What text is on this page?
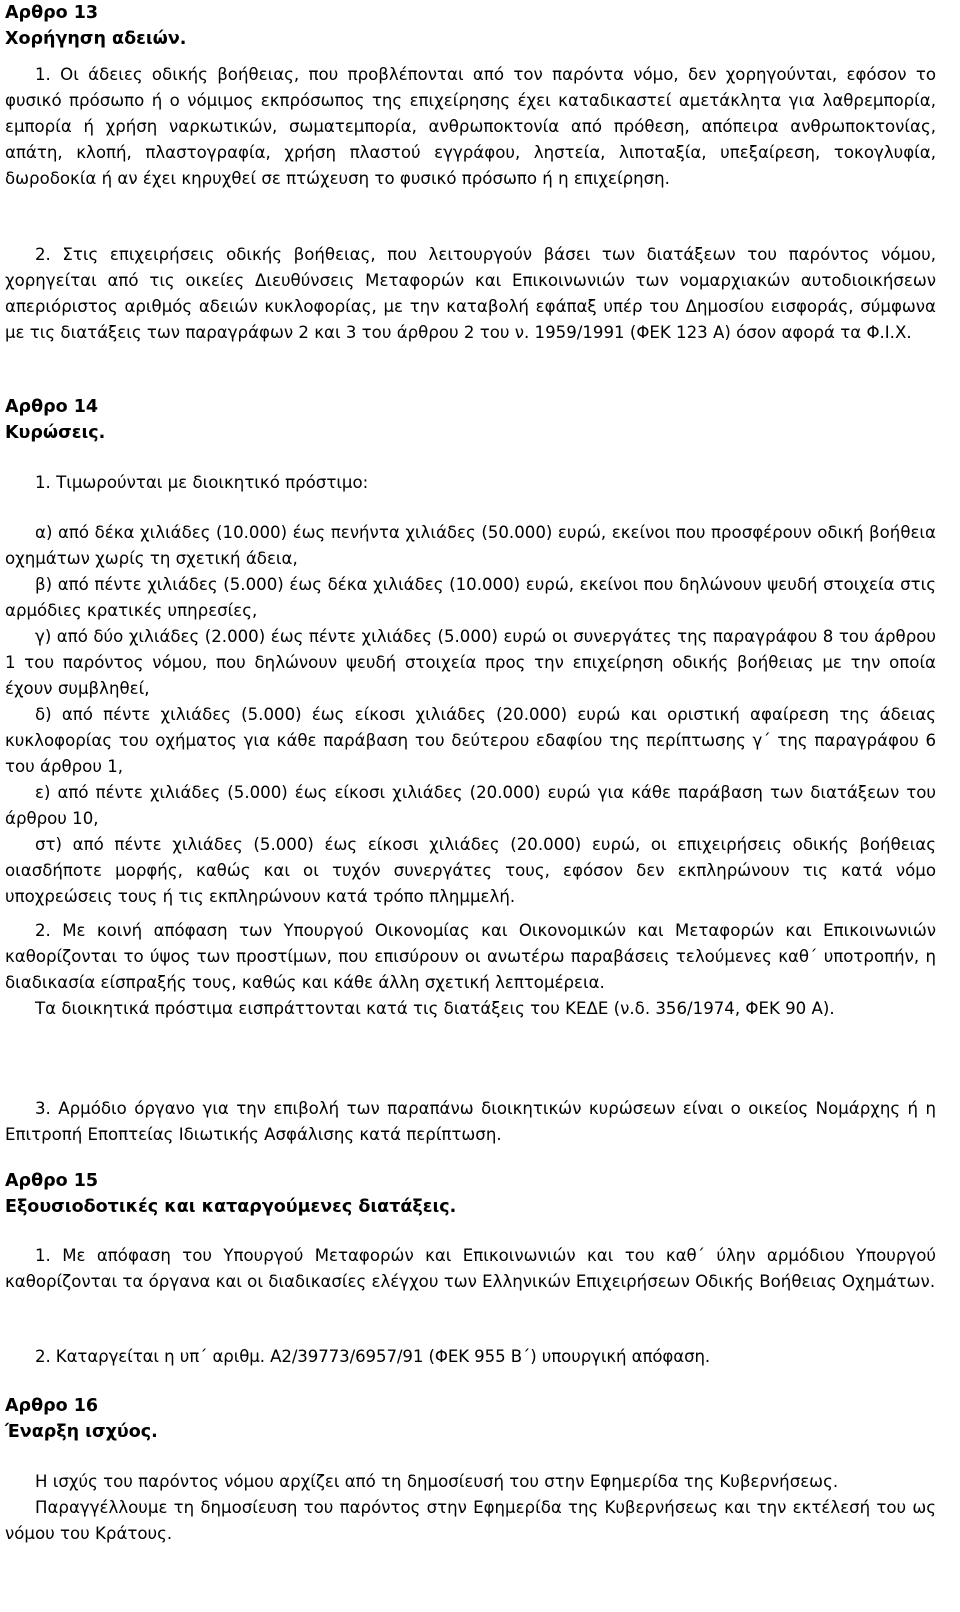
Αρθρο 13
Χορήγηση αδειών.

1. Οι άδειες οδικής βοήθειας, που προβλέπονται από τον παρόντα νόμο, δεν χορηγούνται, εφόσον το φυσικό πρόσωπο ή ο νόμιμος εκπρόσωπος της επιχείρησης έχει καταδικαστεί αμετάκλητα για λαθρεμπορία, εμπορία ή χρήση ναρκωτικών, σωματεμπορία, ανθρωποκτονία από πρόθεση, απόπειρα ανθρωποκτονίας, απάτη, κλοπή, πλαστογραφία, χρήση πλαστού εγγράφου, ληστεία, λιποταξία, υπεξαίρεση, τοκογλυφία, δωροδοκία ή αν έχει κηρυχθεί σε πτώχευση το φυσικό πρόσωπο ή η επιχείρηση.

2. Στις επιχειρήσεις οδικής βοήθειας, που λειτουργούν βάσει των διατάξεων του παρόντος νόμου, χορηγείται από τις οικείες Διευθύνσεις Μεταφορών και Επικοινωνιών των νομαρχιακών αυτοδιοικήσεων απεριόριστος αριθμός αδειών κυκλοφορίας, με την καταβολή εφάπαξ υπέρ του Δημοσίου εισφοράς, σύμφωνα με τις διατάξεις των παραγράφων 2 και 3 του άρθρου 2 του ν. 1959/1991 (ΦΕΚ 123 Α) όσον αφορά τα Φ.Ι.Χ.

Αρθρο 14
Κυρώσεις.

1. Τιμωρούνται με διοικητικό πρόστιμο:

α) από δέκα χιλιάδες (10.000) έως πενήντα χιλιάδες (50.000) ευρώ, εκείνοι που προσφέρουν οδική βοήθεια οχημάτων χωρίς τη σχετική άδεια,

β) από πέντε χιλιάδες (5.000) έως δέκα χιλιάδες (10.000) ευρώ, εκείνοι που δηλώνουν ψευδή στοιχεία στις αρμόδιες κρατικές υπηρεσίες,

γ) από δύο χιλιάδες (2.000) έως πέντε χιλιάδες (5.000) ευρώ οι συνεργάτες της παραγράφου 8 του άρθρου 1 του παρόντος νόμου, που δηλώνουν ψευδή στοιχεία προς την επιχείρηση οδικής βοήθειας με την οποία έχουν συμβληθεί,

δ) από πέντε χιλιάδες (5.000) έως είκοσι χιλιάδες (20.000) ευρώ και οριστική αφαίρεση της άδειας κυκλοφορίας του οχήματος για κάθε παράβαση του δεύτερου εδαφίου της περίπτωσης γ΄ της παραγράφου 6 του άρθρου 1,

ε) από πέντε χιλιάδες (5.000) έως είκοσι χιλιάδες (20.000) ευρώ για κάθε παράβαση των διατάξεων του άρθρου 10,

στ) από πέντε χιλιάδες (5.000) έως είκοσι χιλιάδες (20.000) ευρώ, οι επιχειρήσεις οδικής βοήθειας οιασδήποτε μορφής, καθώς και οι τυχόν συνεργάτες τους, εφόσον δεν εκπληρώνουν τις κατά νόμο υποχρεώσεις τους ή τις εκπληρώνουν κατά τρόπο πλημμελή.

2. Με κοινή απόφαση των Υπουργού Οικονομίας και Οικονομικών και Μεταφορών και Επικοινωνιών καθορίζονται το ύψος των προστίμων, που επισύρουν οι ανωτέρω παραβάσεις τελούμενες καθ΄ υποτροπήν, η διαδικασία είσπραξής τους, καθώς και κάθε άλλη σχετική λεπτομέρεια.

Τα διοικητικά πρόστιμα εισπράττονται κατά τις διατάξεις του ΚΕΔΕ (ν.δ. 356/1974, ΦΕΚ 90 Α).

3. Αρμόδιο όργανο για την επιβολή των παραπάνω διοικητικών κυρώσεων είναι ο οικείος Νομάρχης ή η Επιτροπή Εποπτείας Ιδιωτικής Ασφάλισης κατά περίπτωση.

Αρθρο 15
Εξουσιοδοτικές και καταργούμενες διατάξεις.

1. Με απόφαση του Υπουργού Μεταφορών και Επικοινωνιών και του καθ΄ ύλην αρμόδιου Υπουργού καθορίζονται τα όργανα και οι διαδικασίες ελέγχου των Ελληνικών Επιχειρήσεων Οδικής Βοήθειας Οχημάτων.

2. Καταργείται η υπ΄ αριθμ. Α2/39773/6957/91 (ΦΕΚ 955 Β΄) υπουργική απόφαση.

Αρθρο 16
Έναρξη ισχύος.

Η ισχύς του παρόντος νόμου αρχίζει από τη δημοσίευσή του στην Εφημερίδα της Κυβερνήσεως.

Παραγγέλλουμε τη δημοσίευση του παρόντος στην Εφημερίδα της Κυβερνήσεως και την εκτέλεσή του ως νόμου του Κράτους.
